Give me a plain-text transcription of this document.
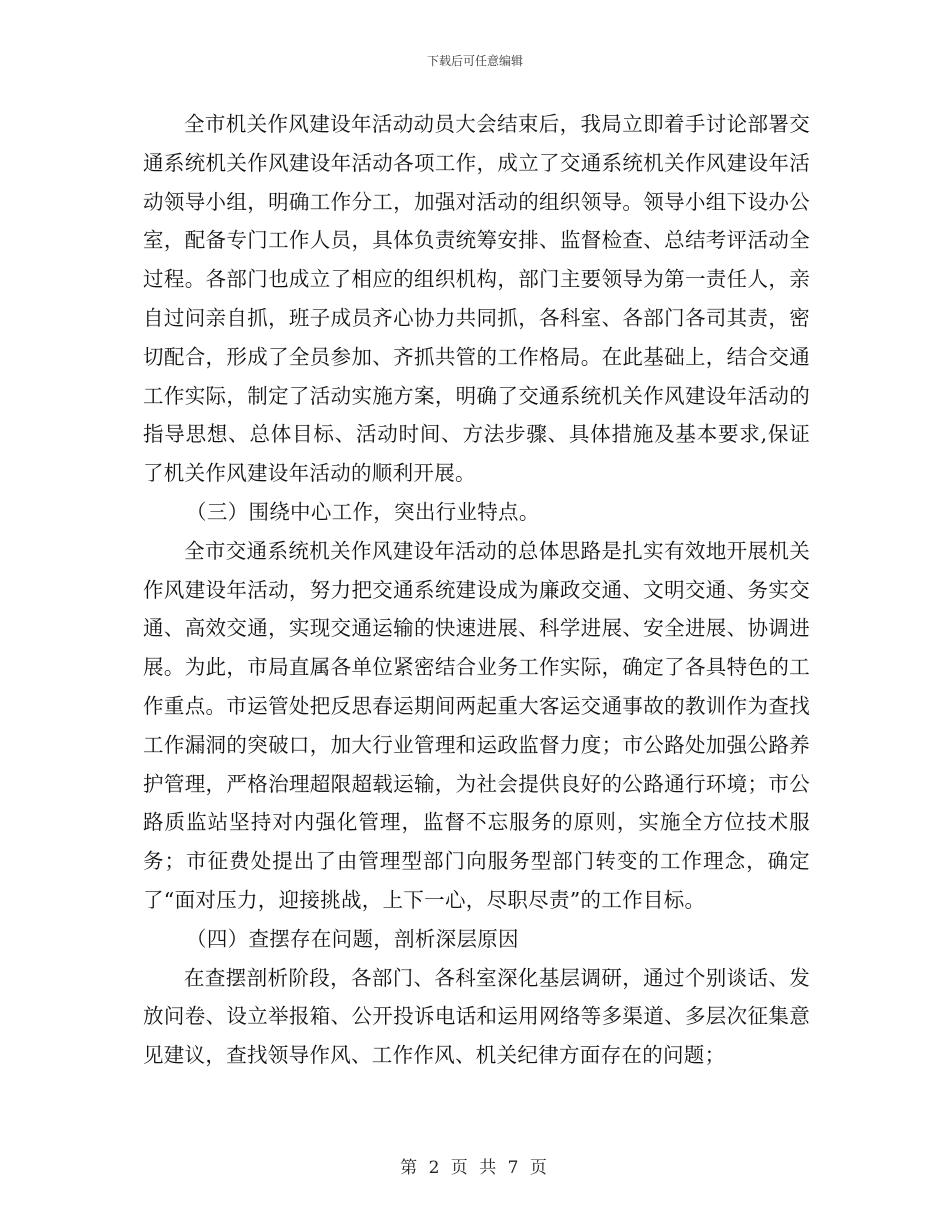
下载后可任意编辑

全市机关作风建设年活动动员大会结束后，我局立即着手讨论部署交通系统机关作风建设年活动各项工作，成立了交通系统机关作风建设年活动领导小组，明确工作分工，加强对活动的组织领导。领导小组下设办公室，配备专门工作人员，具体负责统筹安排、监督检查、总结考评活动全过程。各部门也成立了相应的组织机构，部门主要领导为第一责任人，亲自过问亲自抓，班子成员齐心协力共同抓，各科室、各部门各司其责，密切配合，形成了全员参加、齐抓共管的工作格局。在此基础上，结合交通工作实际，制定了活动实施方案，明确了交通系统机关作风建设年活动的指导思想、总体目标、活动时间、方法步骤、具体措施及基本要求,保证了机关作风建设年活动的顺利开展。

（三）围绕中心工作，突出行业特点。

全市交通系统机关作风建设年活动的总体思路是扎实有效地开展机关作风建设年活动，努力把交通系统建设成为廉政交通、文明交通、务实交通、高效交通，实现交通运输的快速进展、科学进展、安全进展、协调进展。为此，市局直属各单位紧密结合业务工作实际，确定了各具特色的工作重点。市运管处把反思春运期间两起重大客运交通事故的教训作为查找工作漏洞的突破口，加大行业管理和运政监督力度；市公路处加强公路养护管理，严格治理超限超载运输，为社会提供良好的公路通行环境；市公路质监站坚持对内强化管理，监督不忘服务的原则，实施全方位技术服务；市征费处提出了由管理型部门向服务型部门转变的工作理念，确定了“面对压力，迎接挑战，上下一心，尽职尽责”的工作目标。

（四）查摆存在问题，剖析深层原因

在查摆剖析阶段，各部门、各科室深化基层调研，通过个别谈话、发放问卷、设立举报箱、公开投诉电话和运用网络等多渠道、多层次征集意见建议，查找领导作风、工作作风、机关纪律方面存在的问题；

第 2 页 共 7 页
